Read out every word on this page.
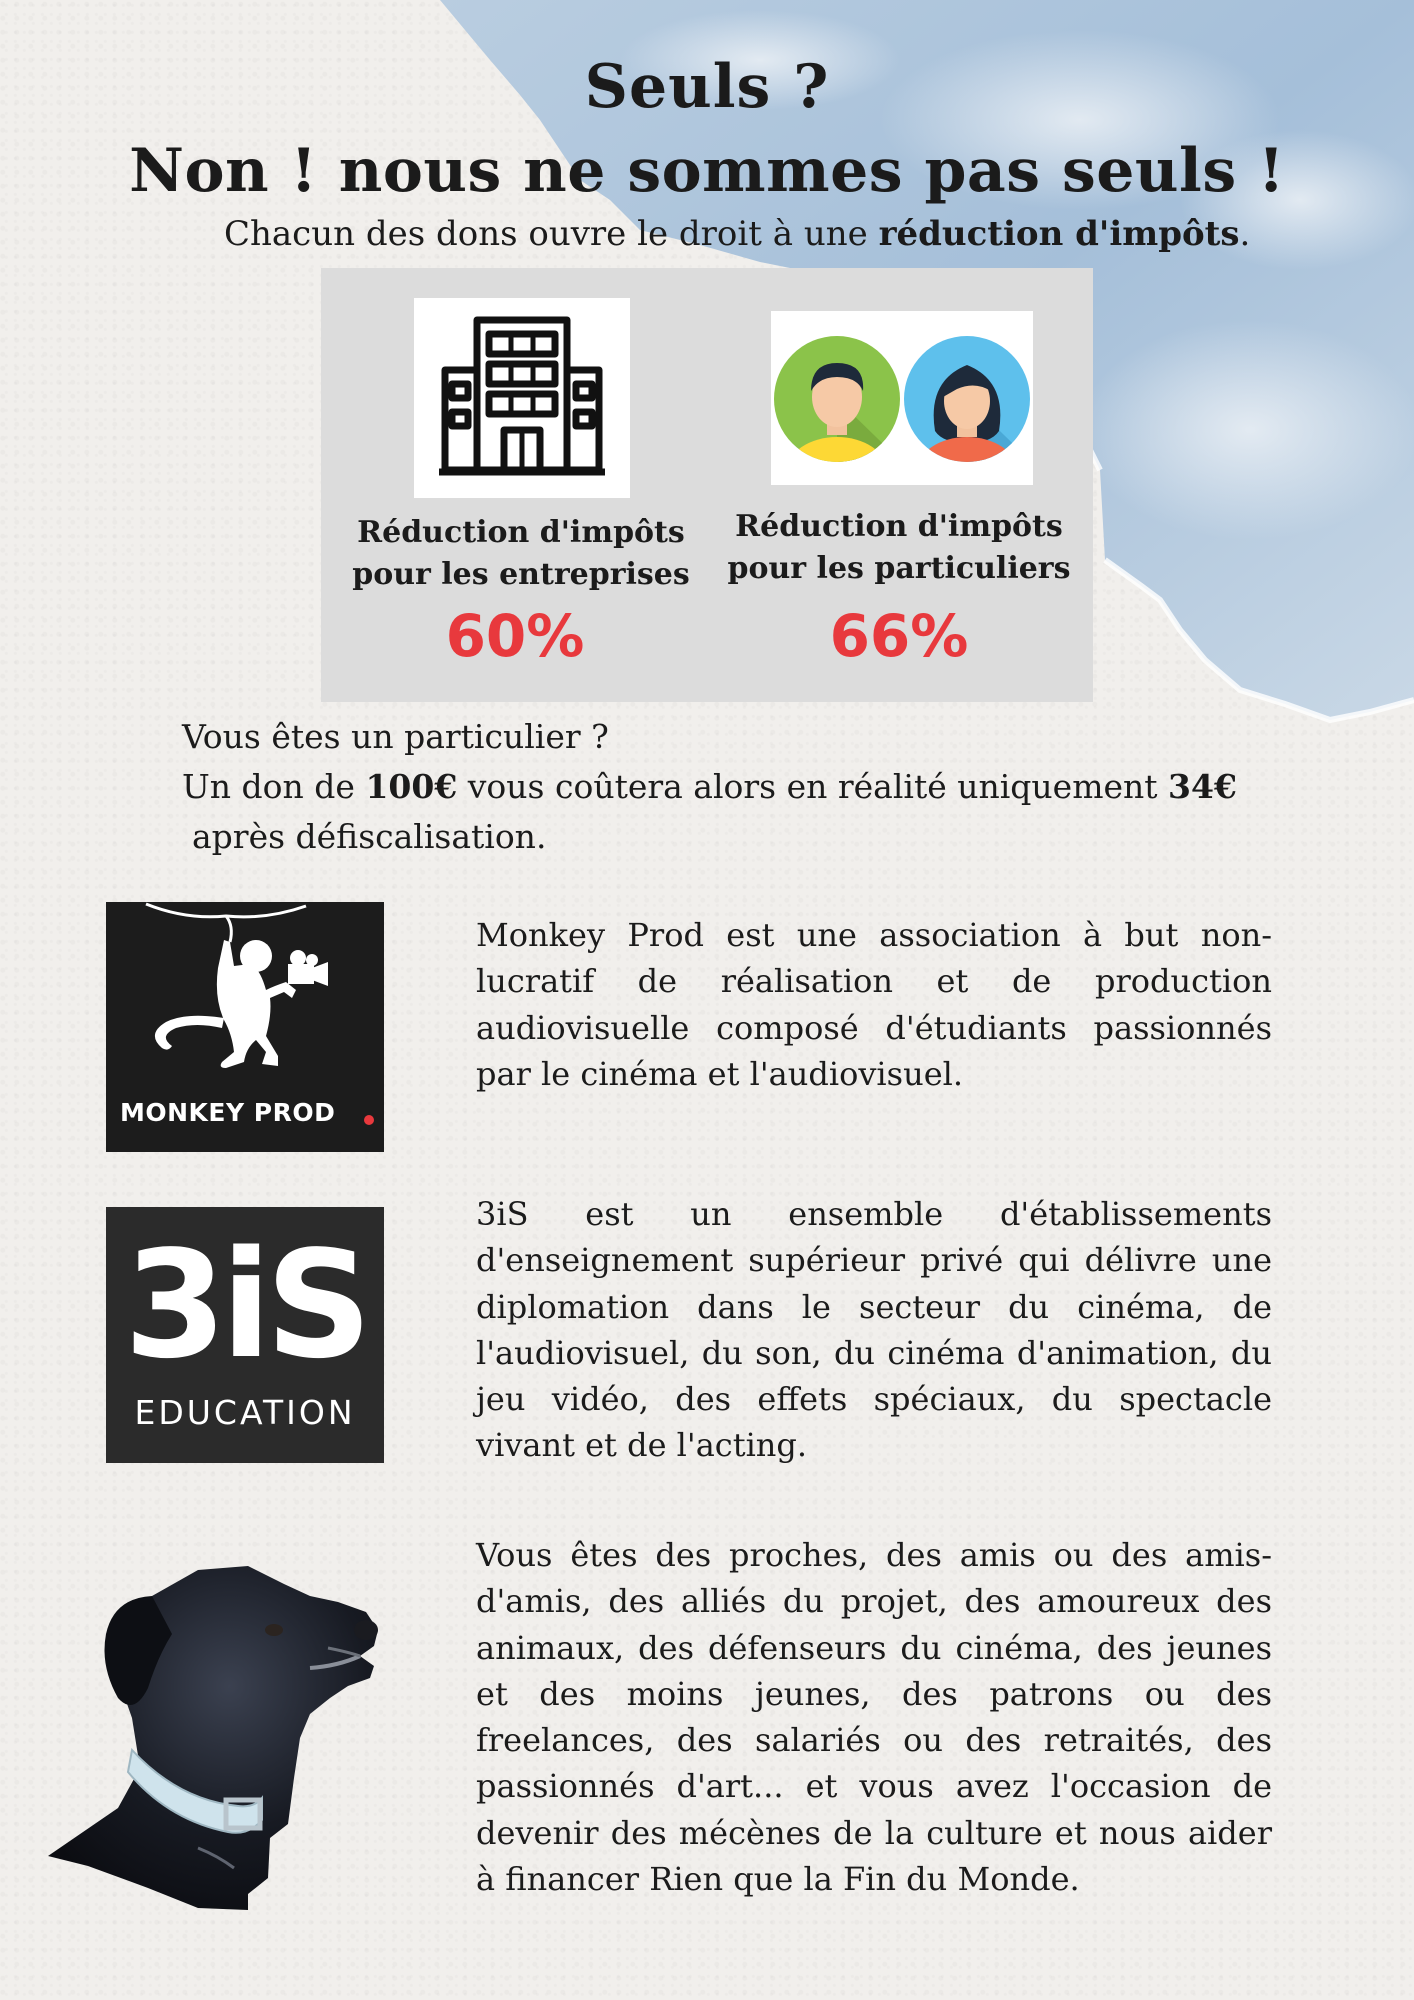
Seuls ?
Non ! nous ne sommes pas seuls !
Chacun des dons ouvre le droit à une réduction d'impôts.
Réduction d'impôts
pour les entreprises
60%
Réduction d'impôts
pour les particuliers
66%
Vous êtes un particulier ?
Un don de 100€ vous coûtera alors en réalité uniquement 34€
après défiscalisation.
MONKEY PROD
Monkey Prod est une association à but non-lucratif de réalisation et de production audiovisuelle composé d'étudiants passionnés par le cinéma et l'audiovisuel.
3iS
EDUCATION
3iS est un ensemble d'établissements d'enseignement supérieur privé qui délivre une diplomation dans le secteur du cinéma, de l'audiovisuel, du son, du cinéma d'animation, du jeu vidéo, des effets spéciaux, du spectacle vivant et de l'acting.
Vous êtes des proches, des amis ou des amis-d'amis, des alliés du projet, des amoureux des animaux, des défenseurs du cinéma, des jeunes et des moins jeunes, des patrons ou des freelances, des salariés ou des retraités, des passionnés d'art... et vous avez l'occasion de devenir des mécènes de la culture et nous aider à financer Rien que la Fin du Monde.
